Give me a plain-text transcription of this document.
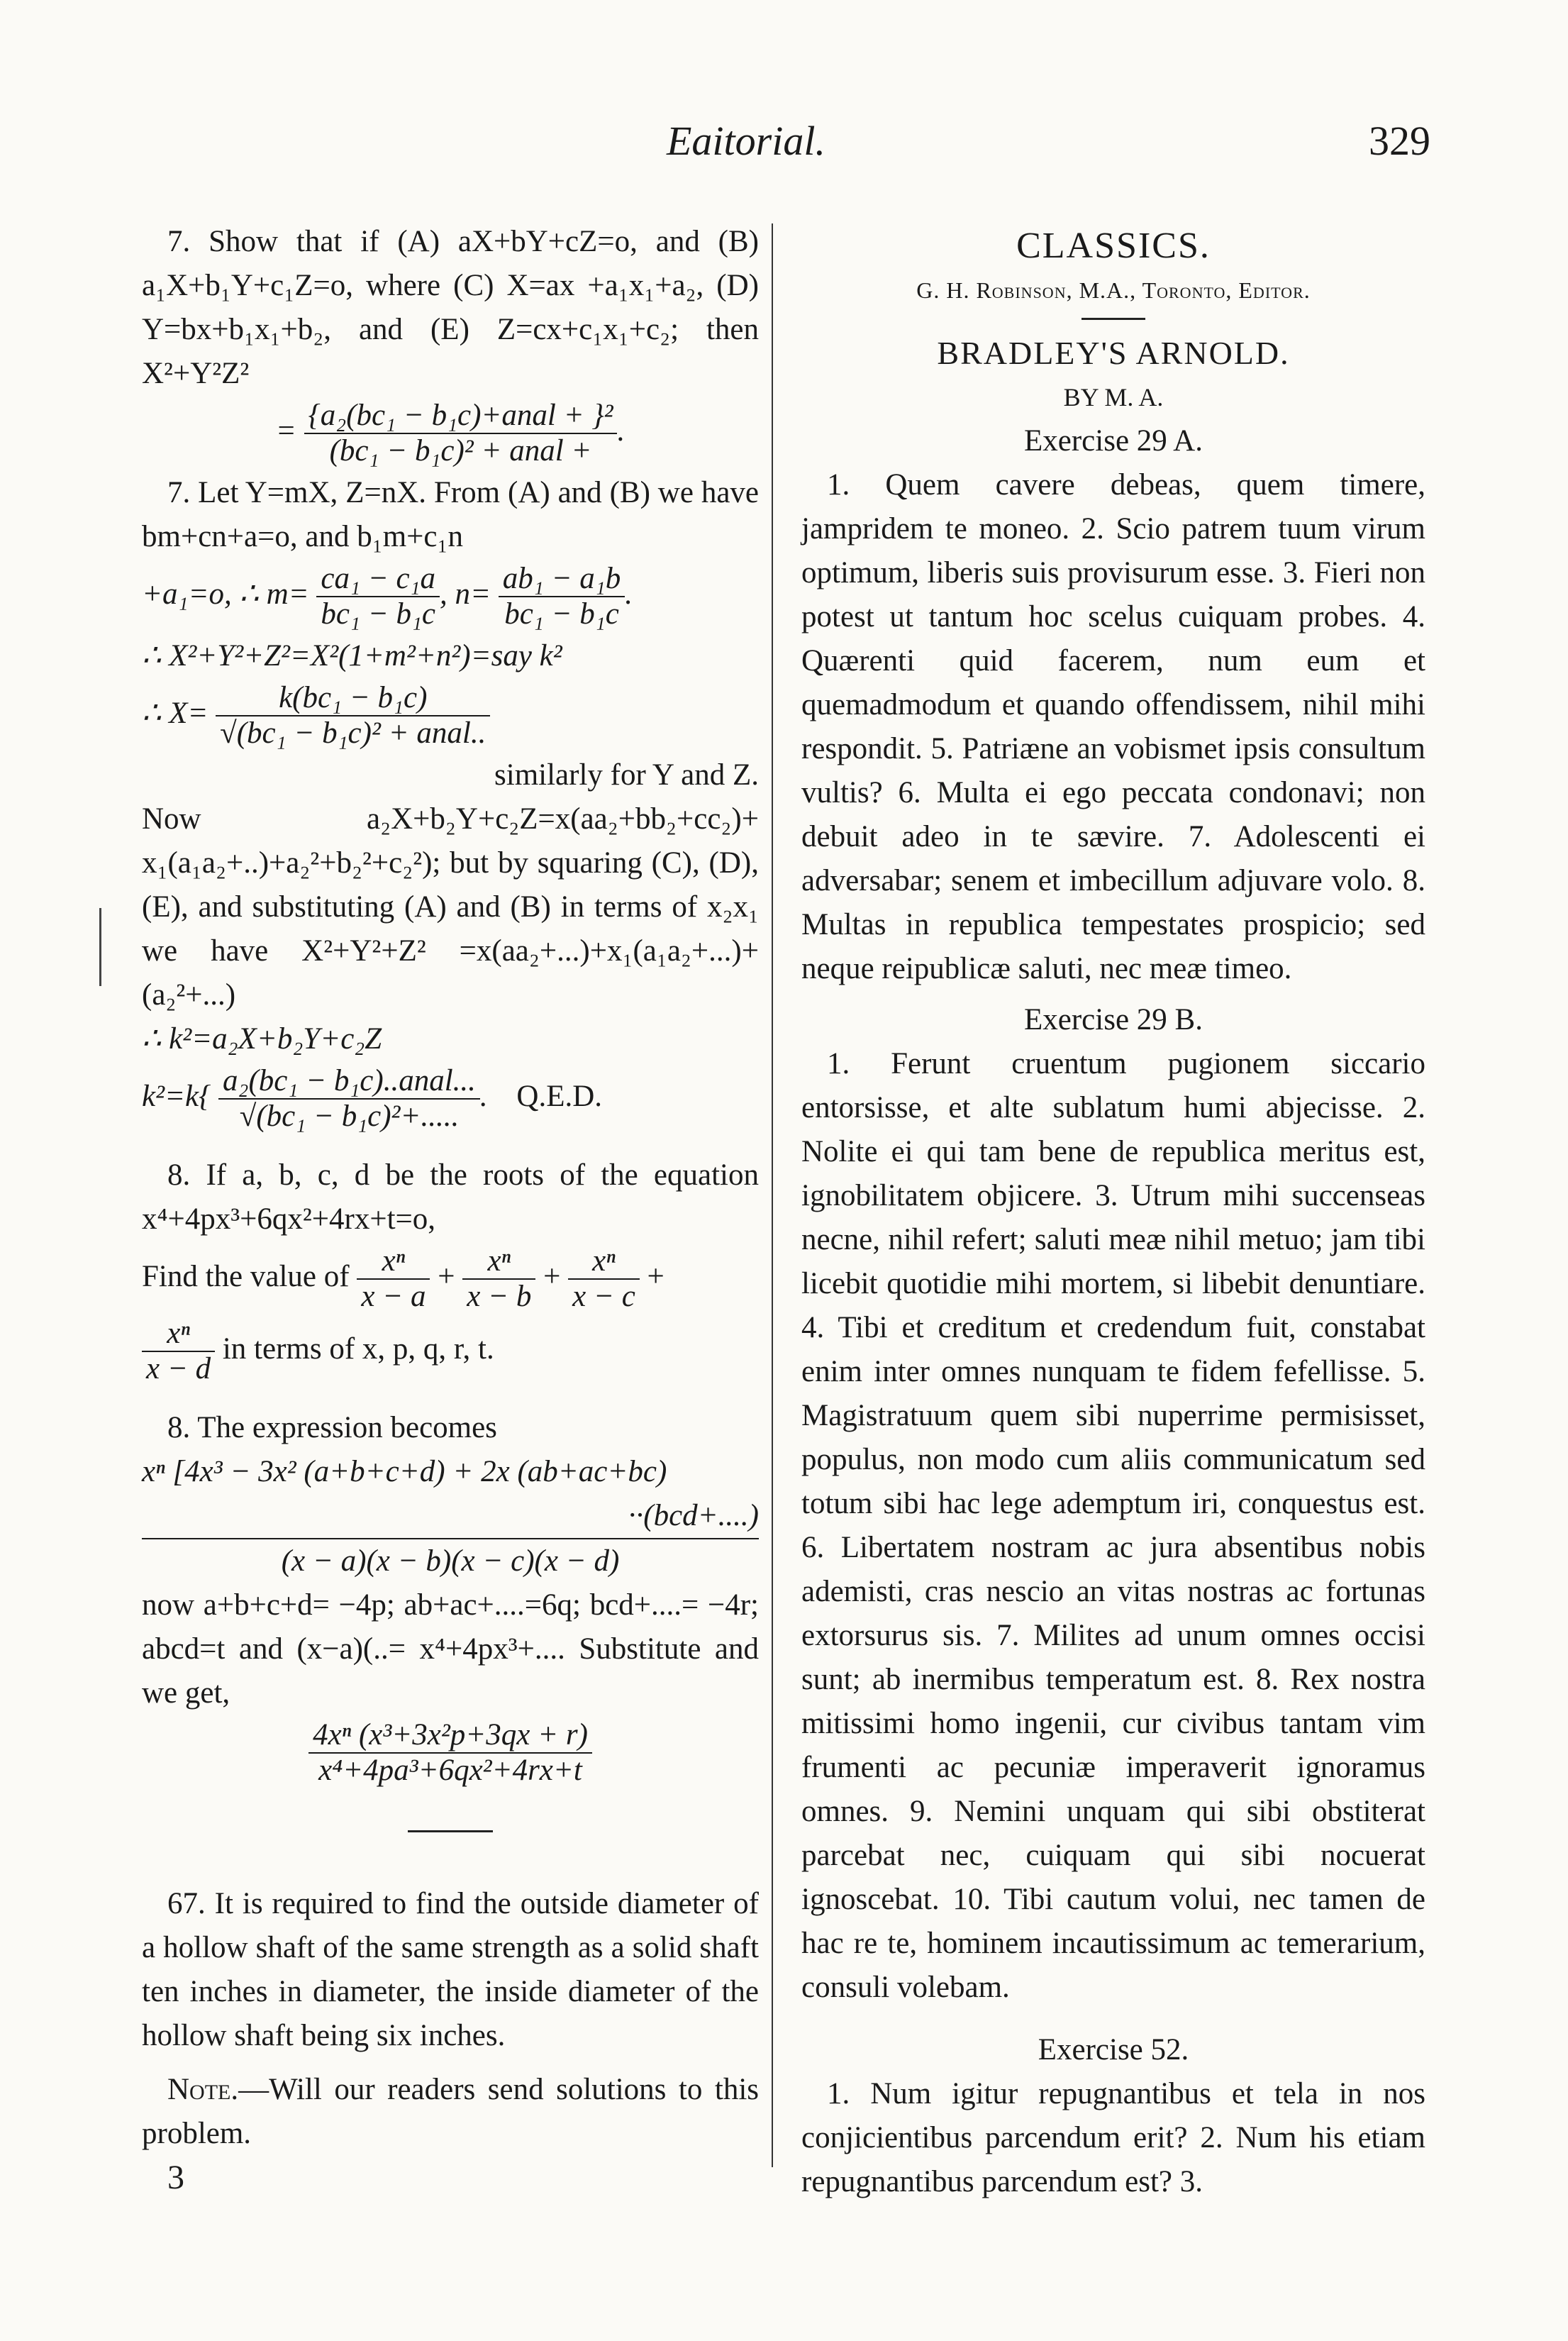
Eaitorial.	329

7. Show that if (A) aX+bY+cZ=o, and (B) a₁X+b₁Y+c₁Z=o, where (C) X=ax +a₁x₁+a₂, (D) Y=bx+b₁x₁+b₂, and (E) Z=cx+c₁x₁+c₂; then X²+Y²Z²

= $\frac{\text{\{a₂(bc₁ − b₁c)+anal + \}²}}{\text{(bc₁ − b₁c)² + anal +}}$ .

7. Let Y=mX, Z=nX. From (A) and (B) we have bm+cn+a=o, and b₁m+c₁n

+a₁=o, ∴ $m= \frac{\text{ca₁ − c₁a}}{\text{bc₁ − b₁c}}$ , $n= \frac{\text{ab₁ − a₁b}}{\text{bc₁ − b₁c}}$ .

∴ X²+Y²+Z²=X²(1+m²+n²)=say k²

∴ $X= \frac{\text{k(bc₁ − b₁c)}}{\text{√(bc₁ − b₁c)² + anal..}}$

similarly for Y and Z.

Now a₂X+b₂Y+c₂Z=x(aa₂+bb₂+cc₂)+ x₁(a₁a₂+..)+a₂²+b₂²+c₂²); but by squaring (C), (D), (E), and substituting (A) and (B) in terms of x₂x₁ we have X²+Y²+Z² =x(aa₂+...)+x₁(a₁a₂+...)+(a₂²+...)

∴ k²=a₂X+b₂Y+c₂Z

$k^2=k\{ \frac{\text{a₂(bc₁ − b₁c)..anal...}}{\text{√(bc₁ − b₁c)²+.....}}$ . Q.E.D.

8. If a, b, c, d be the roots of the equation x⁴+4px³+6qx²+4rx+t=o,

Find the value of $\frac{\text{xⁿ}}{x - a} + \frac{\text{xⁿ}}{x - b} + \frac{\text{xⁿ}}{x - c}$ +
$\frac{\text{xⁿ}}{x - d}$ in terms of x, p, q, r, t.

8. The expression becomes

xⁿ [4x³ − 3x² (a+b+c+d) + 2x (ab+ac+bc)
··(bcd+....)
(x − a)(x − b)(x − c)(x − d)

now a+b+c+d= −4p; ab+ac+....=6q; bcd+....= −4r; abcd=t and (x−a)(..= x⁴+4px³+.... Substitute and we get,

$\frac{\text{4xⁿ (x³+3x²p+3qx + r)}}{\text{x⁴+4pa³+6qx²+4rx+t}}$

67. It is required to find the outside diameter of a hollow shaft of the same strength as a solid shaft ten inches in diameter, the inside diameter of the hollow shaft being six inches.

Note.—Will our readers send solutions to this problem.

3

CLASSICS.
G. H. Robinson, M.A., Toronto, Editor.
BRADLEY'S ARNOLD.
BY M. A.
Exercise 29 A.

1. Quem cavere debeas, quem timere, jampridem te moneo. 2. Scio patrem tuum virum optimum, liberis suis provisurum esse. 3. Fieri non potest ut tantum hoc scelus cuiquam probes. 4. Quærenti quid facerem, num eum et quemadmodum et quando offendissem, nihil mihi respondit. 5. Patriæne an vobismet ipsis consultum vultis? 6. Multa ei ego peccata condonavi; non debuit adeo in te sævire. 7. Adolescenti ei adversabar; senem et imbecillum adjuvare volo. 8. Multas in republica tempestates prospicio; sed neque reipublicæ saluti, nec meæ timeo.

Exercise 29 B.

1. Ferunt cruentum pugionem siccario entorsisse, et alte sublatum humi abjecisse. 2. Nolite ei qui tam bene de republica meritus est, ignobilitatem objicere. 3. Utrum mihi succenseas necne, nihil refert; saluti meæ nihil metuo; jam tibi licebit quotidie mihi mortem, si libebit denuntiare. 4. Tibi et creditum et credendum fuit, constabat enim inter omnes nunquam te fidem fefellisse. 5. Magistratuum quem sibi nuperrime permisisset, populus, non modo cum aliis communicatum sed totum sibi hac lege ademptum iri, conquestus est. 6. Libertatem nostram ac jura absentibus nobis ademisti, cras nescio an vitas nostras ac fortunas extorsurus sis. 7. Milites ad unum omnes occisi sunt; ab inermibus temperatum est. 8. Rex nostra mitissimi homo ingenii, cur civibus tantam vim frumenti ac pecuniæ imperaverit ignoramus omnes. 9. Nemini unquam qui sibi obstiterat parcebat nec, cuiquam qui sibi nocuerat ignoscebat. 10. Tibi cautum volui, nec tamen de hac re te, hominem incautissimum ac temerarium, consuli volebam.

Exercise 52.

1. Num igitur repugnantibus et tela in nos conjicientibus parcendum erit? 2. Num his etiam repugnantibus parcendum est? 3.
